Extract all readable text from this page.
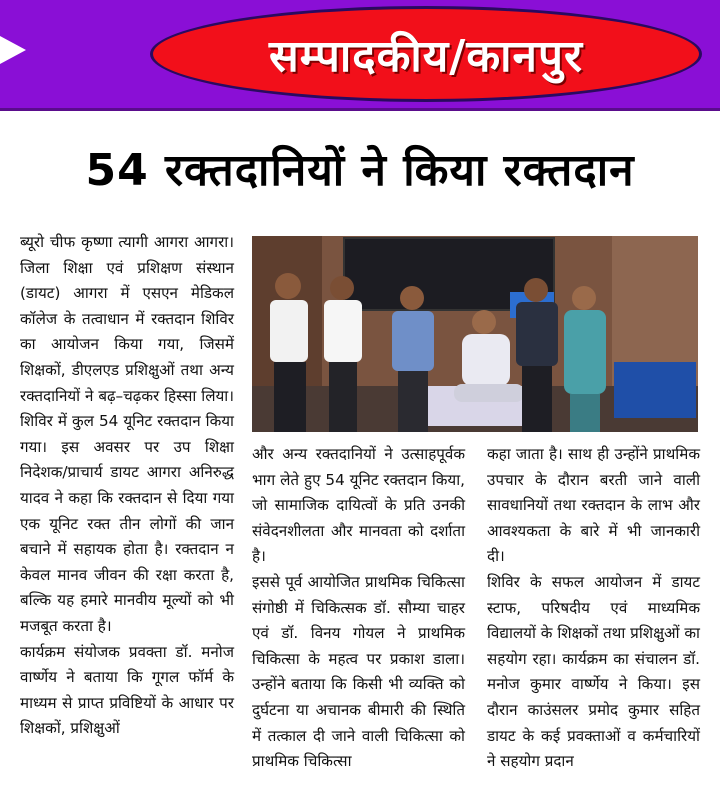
सम्पादकीय/कानपुर
54 रक्तदानियों ने किया रक्तदान

ब्यूरो चीफ कृष्णा त्यागी आगरा आगरा। जिला शिक्षा एवं प्रशिक्षण संस्थान (डायट) आगरा में एसएन मेडिकल कॉलेज के तत्वाधान में रक्तदान शिविर का आयोजन किया गया, जिसमें शिक्षकों, डीएलएड प्रशिक्षुओं तथा अन्य रक्तदानियों ने बढ़–चढ़कर हिस्सा लिया। शिविर में कुल 54 यूनिट रक्तदान किया गया। इस अवसर पर उप शिक्षा निदेशक/प्राचार्य डायट आगरा अनिरुद्ध यादव ने कहा कि रक्तदान से दिया गया एक यूनिट रक्त तीन लोगों की जान बचाने में सहायक होता है। रक्तदान न केवल मानव जीवन की रक्षा करता है, बल्कि यह हमारे मानवीय मूल्यों को भी मजबूत करता है।

कार्यक्रम संयोजक प्रवक्ता डॉ. मनोज वार्ष्णेय ने बताया कि गूगल फॉर्म के माध्यम से प्राप्त प्रविष्टियों के आधार पर शिक्षकों, प्रशिक्षुओं

और अन्य रक्तदानियों ने उत्साहपूर्वक भाग लेते हुए 54 यूनिट रक्तदान किया, जो सामाजिक दायित्वों के प्रति उनकी संवेदनशीलता और मानवता को दर्शाता है।

इससे पूर्व आयोजित प्राथमिक चिकित्सा संगोष्ठी में चिकित्सक डॉ. सौम्या चाहर एवं डॉ. विनय गोयल ने प्राथमिक चिकित्सा के महत्व पर प्रकाश डाला। उन्होंने बताया कि किसी भी व्यक्ति को दुर्घटना या अचानक बीमारी की स्थिति में तत्काल दी जाने वाली चिकित्सा को प्राथमिक चिकित्सा

कहा जाता है। साथ ही उन्होंने प्राथमिक उपचार के दौरान बरती जाने वाली सावधानियों तथा रक्तदान के लाभ और आवश्यकता के बारे में भी जानकारी दी।

शिविर के सफल आयोजन में डायट स्टाफ, परिषदीय एवं माध्यमिक विद्यालयों के शिक्षकों तथा प्रशिक्षुओं का सहयोग रहा। कार्यक्रम का संचालन डॉ. मनोज कुमार वार्ष्णेय ने किया। इस दौरान काउंसलर प्रमोद कुमार सहित डायट के कई प्रवक्ताओं व कर्मचारियों ने सहयोग प्रदान
